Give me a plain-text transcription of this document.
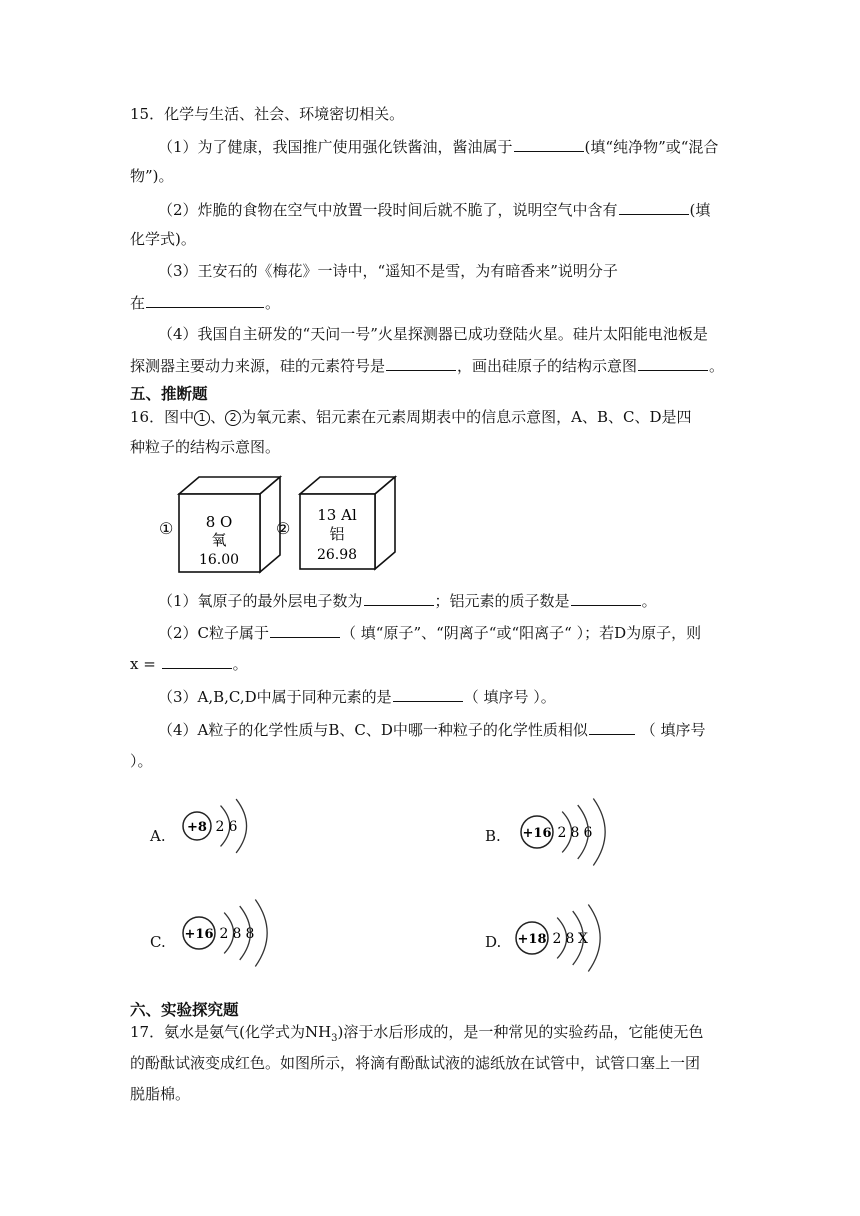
15．化学与生活、社会、环境密切相关。
（1）为了健康，我国推广使用强化铁酱油，酱油属于	(填“纯净物”或“混合
物”)。
（2）炸脆的食物在空气中放置一段时间后就不脆了，说明空气中含有	(填
化学式)。
（3）王安石的《梅花》一诗中，“遥知不是雪，为有暗香来”说明分子
在	。
（4）我国自主研发的“天问一号”火星探测器已成功登陆火星。硅片太阳能电池板是
探测器主要动力来源，硅的元素符号是	，画出硅原子的结构示意图	。
五、推断题
16．图中 1 、 2 为氧元素、铝元素在元素周期表中的信息示意图，A、B、C、D是四
种粒子的结构示意图。
① 8 O
氧
16.00
②
13 Al
铝
26.98
（1）氧原子的最外层电子数为	；铝元素的质子数是	。
（2）C粒子属于	（ 填“原子”、“阴离子“或“阳离子“ ）；若D为原子，则
x =	。
（3）A,B,C,D中属于同种元素的是	（ 填序号 ）。
（4）A粒子的化学性质与B、C、D中哪一种粒子的化学性质相似	（ 填序号
）。
A. +8 2 6	B. +16 2 8 6
C. +16 2 8 8	D. +18 2 8 X
六、实验探究题
17．氨水是氨气(化学式为$NH_3$)溶于水后形成的，是一种常见的实验药品，它能使无色
的酚酞试液变成红色。如图所示，将滴有酚酞试液的滤纸放在试管中，试管口塞上一团
脱脂棉。
